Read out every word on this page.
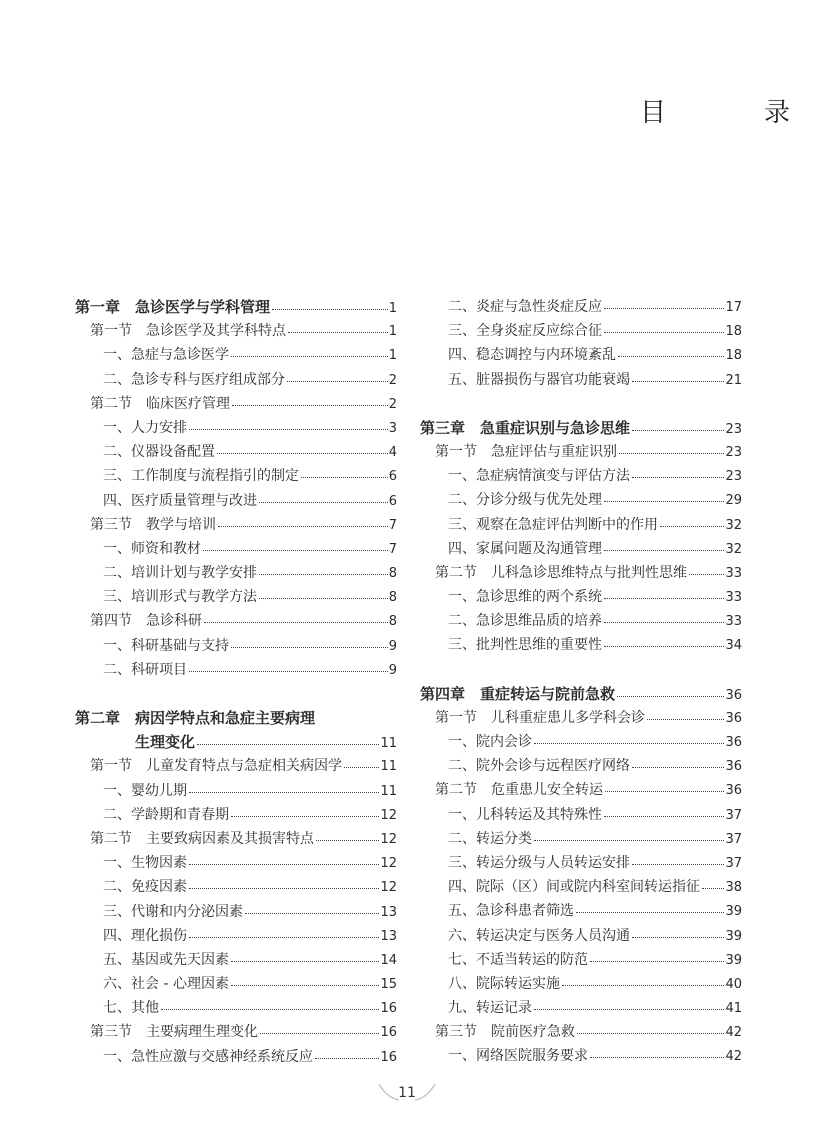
目　录
第一章　急诊医学与学科管理	1
第一节　急诊医学及其学科特点	1
一、急症与急诊医学	1
二、急诊专科与医疗组成部分	2
第二节　临床医疗管理	2
一、人力安排	3
二、仪器设备配置	4
三、工作制度与流程指引的制定	6
四、医疗质量管理与改进	6
第三节　教学与培训	7
一、师资和教材	7
二、培训计划与教学安排	8
三、培训形式与教学方法	8
第四节　急诊科研	8
一、科研基础与支持	9
二、科研项目	9
第二章　病因学特点和急症主要病理
生理变化	11
第一节　儿童发育特点与急症相关病因学	11
一、婴幼儿期	11
二、学龄期和青春期	12
第二节　主要致病因素及其损害特点	12
一、生物因素	12
二、免疫因素	12
三、代谢和内分泌因素	13
四、理化损伤	13
五、基因或先天因素	14
六、社会 - 心理因素	15
七、其他	16
第三节　主要病理生理变化	16
一、急性应激与交感神经系统反应	16
二、炎症与急性炎症反应	17
三、全身炎症反应综合征	18
四、稳态调控与内环境紊乱	18
五、脏器损伤与器官功能衰竭	21
第三章　急重症识别与急诊思维	23
第一节　急症评估与重症识别	23
一、急症病情演变与评估方法	23
二、分诊分级与优先处理	29
三、观察在急症评估判断中的作用	32
四、家属问题及沟通管理	32
第二节　儿科急诊思维特点与批判性思维	33
一、急诊思维的两个系统	33
二、急诊思维品质的培养	33
三、批判性思维的重要性	34
第四章　重症转运与院前急救	36
第一节　儿科重症患儿多学科会诊	36
一、院内会诊	36
二、院外会诊与远程医疗网络	36
第二节　危重患儿安全转运	36
一、儿科转运及其特殊性	37
二、转运分类	37
三、转运分级与人员转运安排	37
四、院际（区）间或院内科室间转运指征 38
五、急诊科患者筛选	39
六、转运决定与医务人员沟通	39
七、不适当转运的防范	39
八、院际转运实施	40
九、转运记录	41
第三节　院前医疗急救	42
一、网络医院服务要求	42
11
